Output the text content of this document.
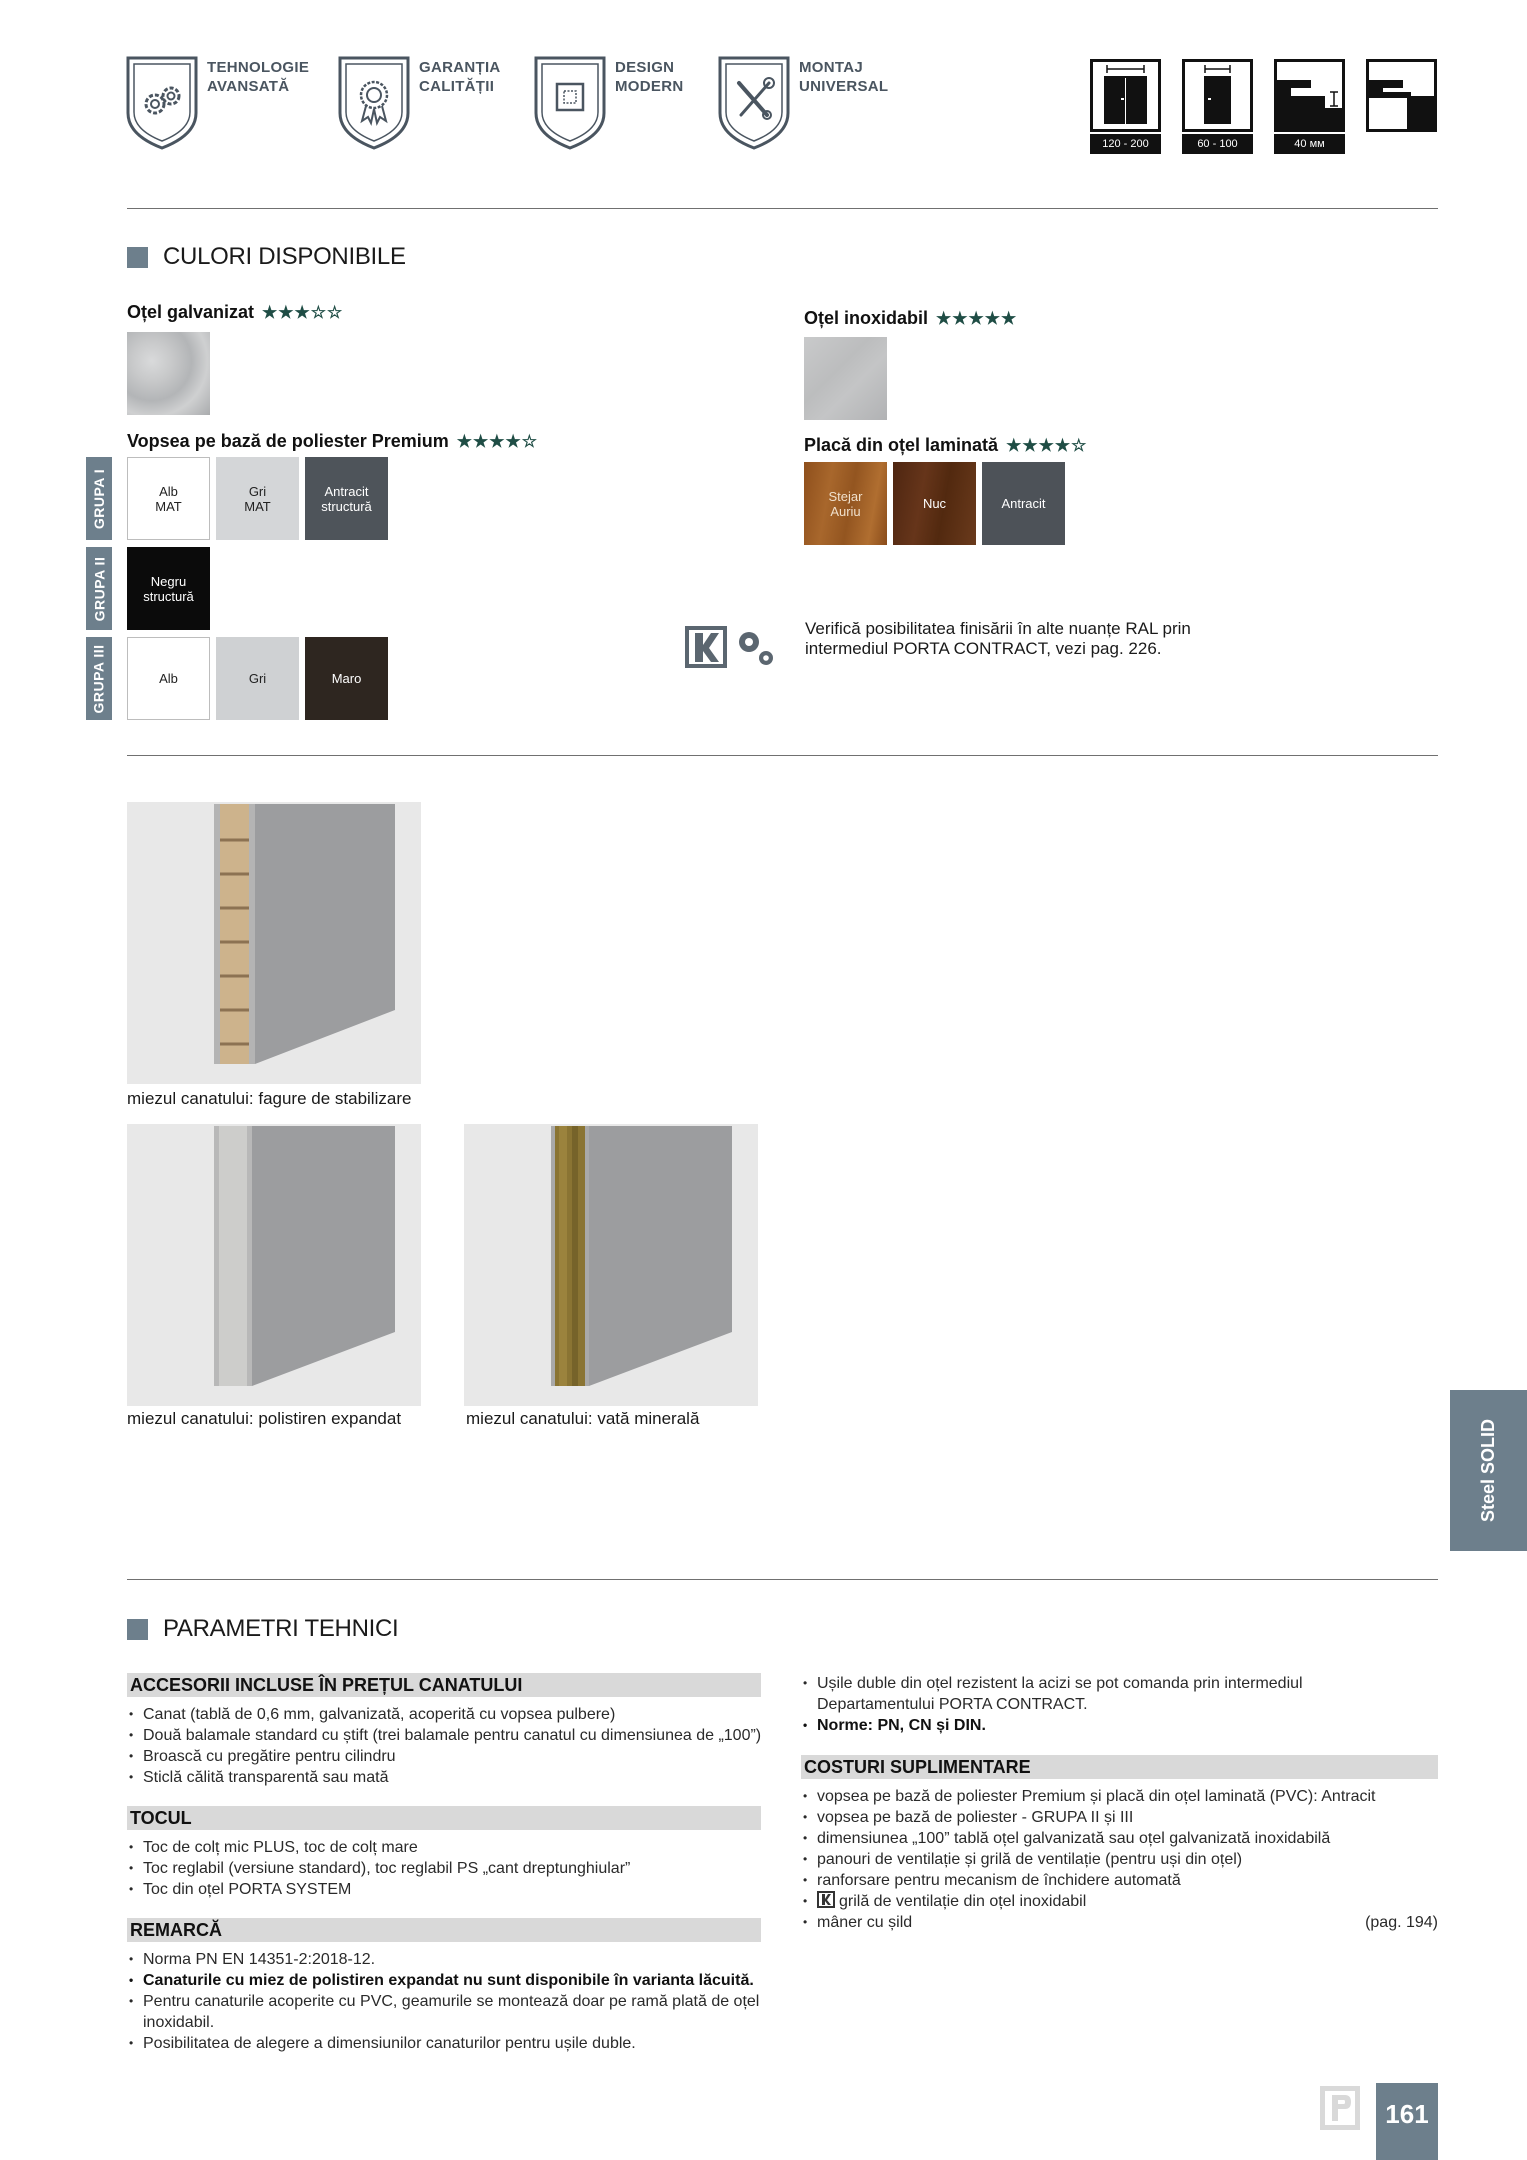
TEHNOLOGIE
AVANSATĂ
GARANȚIA
CALITĂȚII
DESIGN
MODERN
MONTAJ
UNIVERSAL
120 - 200	60 - 100	40 мм
CULORI DISPONIBILE
Oțel galvanizat ★ ★ ★ ☆ ☆	Oțel inoxidabil ★ ★ ★ ★ ★
Vopsea pe bază de poliester Premium ★ ★ ★ ★ ☆	Placă din oțel laminată ★ ★ ★ ★ ☆
GRUPA I
GRUPA II
GRUPA III
Alb
MAT
Gri
MAT
Antracit
structură
Negru
structură
Alb	Gri	Maro
Stejar
Auriu	Nuc	Antracit
Verifică posibilitatea finisării în alte nuanțe RAL prin intermediul PORTA CONTRACT, vezi pag. 226.
miezul canatului: fagure de stabilizare
miezul canatului: polistiren expandat	miezul canatului: vată minerală
Steel SOLID
PARAMETRI TEHNICI
ACCESORII INCLUSE ÎN PREȚUL CANATULUI
• Canat (tablă de 0,6 mm, galvanizată, acoperită cu vopsea pulbere)
• Două balamale standard cu știft (trei balamale pentru canatul cu dimensiunea de „100”)
• Broască cu pregătire pentru cilindru
• Sticlă călită transparentă sau mată
TOCUL
• Toc de colț mic PLUS, toc de colț mare
• Toc reglabil (versiune standard), toc reglabil PS „cant dreptunghiular”
• Toc din oțel PORTA SYSTEM
REMARCĂ
• Norma PN EN 14351-2:2018-12.
• Canaturile cu miez de polistiren expandat nu sunt disponibile în varianta lăcuită.
• Pentru canaturile acoperite cu PVC, geamurile se montează doar pe ramă plată de oțel inoxidabil.
• Posibilitatea de alegere a dimensiunilor canaturilor pentru ușile duble.
• Ușile duble din oțel rezistent la acizi se pot comanda prin intermediul Departamentului PORTA CONTRACT.
• Norme: PN, CN și DIN.
COSTURI SUPLIMENTARE
• vopsea pe bază de poliester Premium și placă din oțel laminată (PVC): Antracit
• vopsea pe bază de poliester - GRUPA II și III
• dimensiunea „100” tablă oțel galvanizată sau oțel galvanizată inoxidabilă
• panouri de ventilație și grilă de ventilație (pentru uși din oțel)
• ranforsare pentru mecanism de închidere automată
• grilă de ventilație din oțel inoxidabil
• mâner cu șild	(pag. 194)
161
